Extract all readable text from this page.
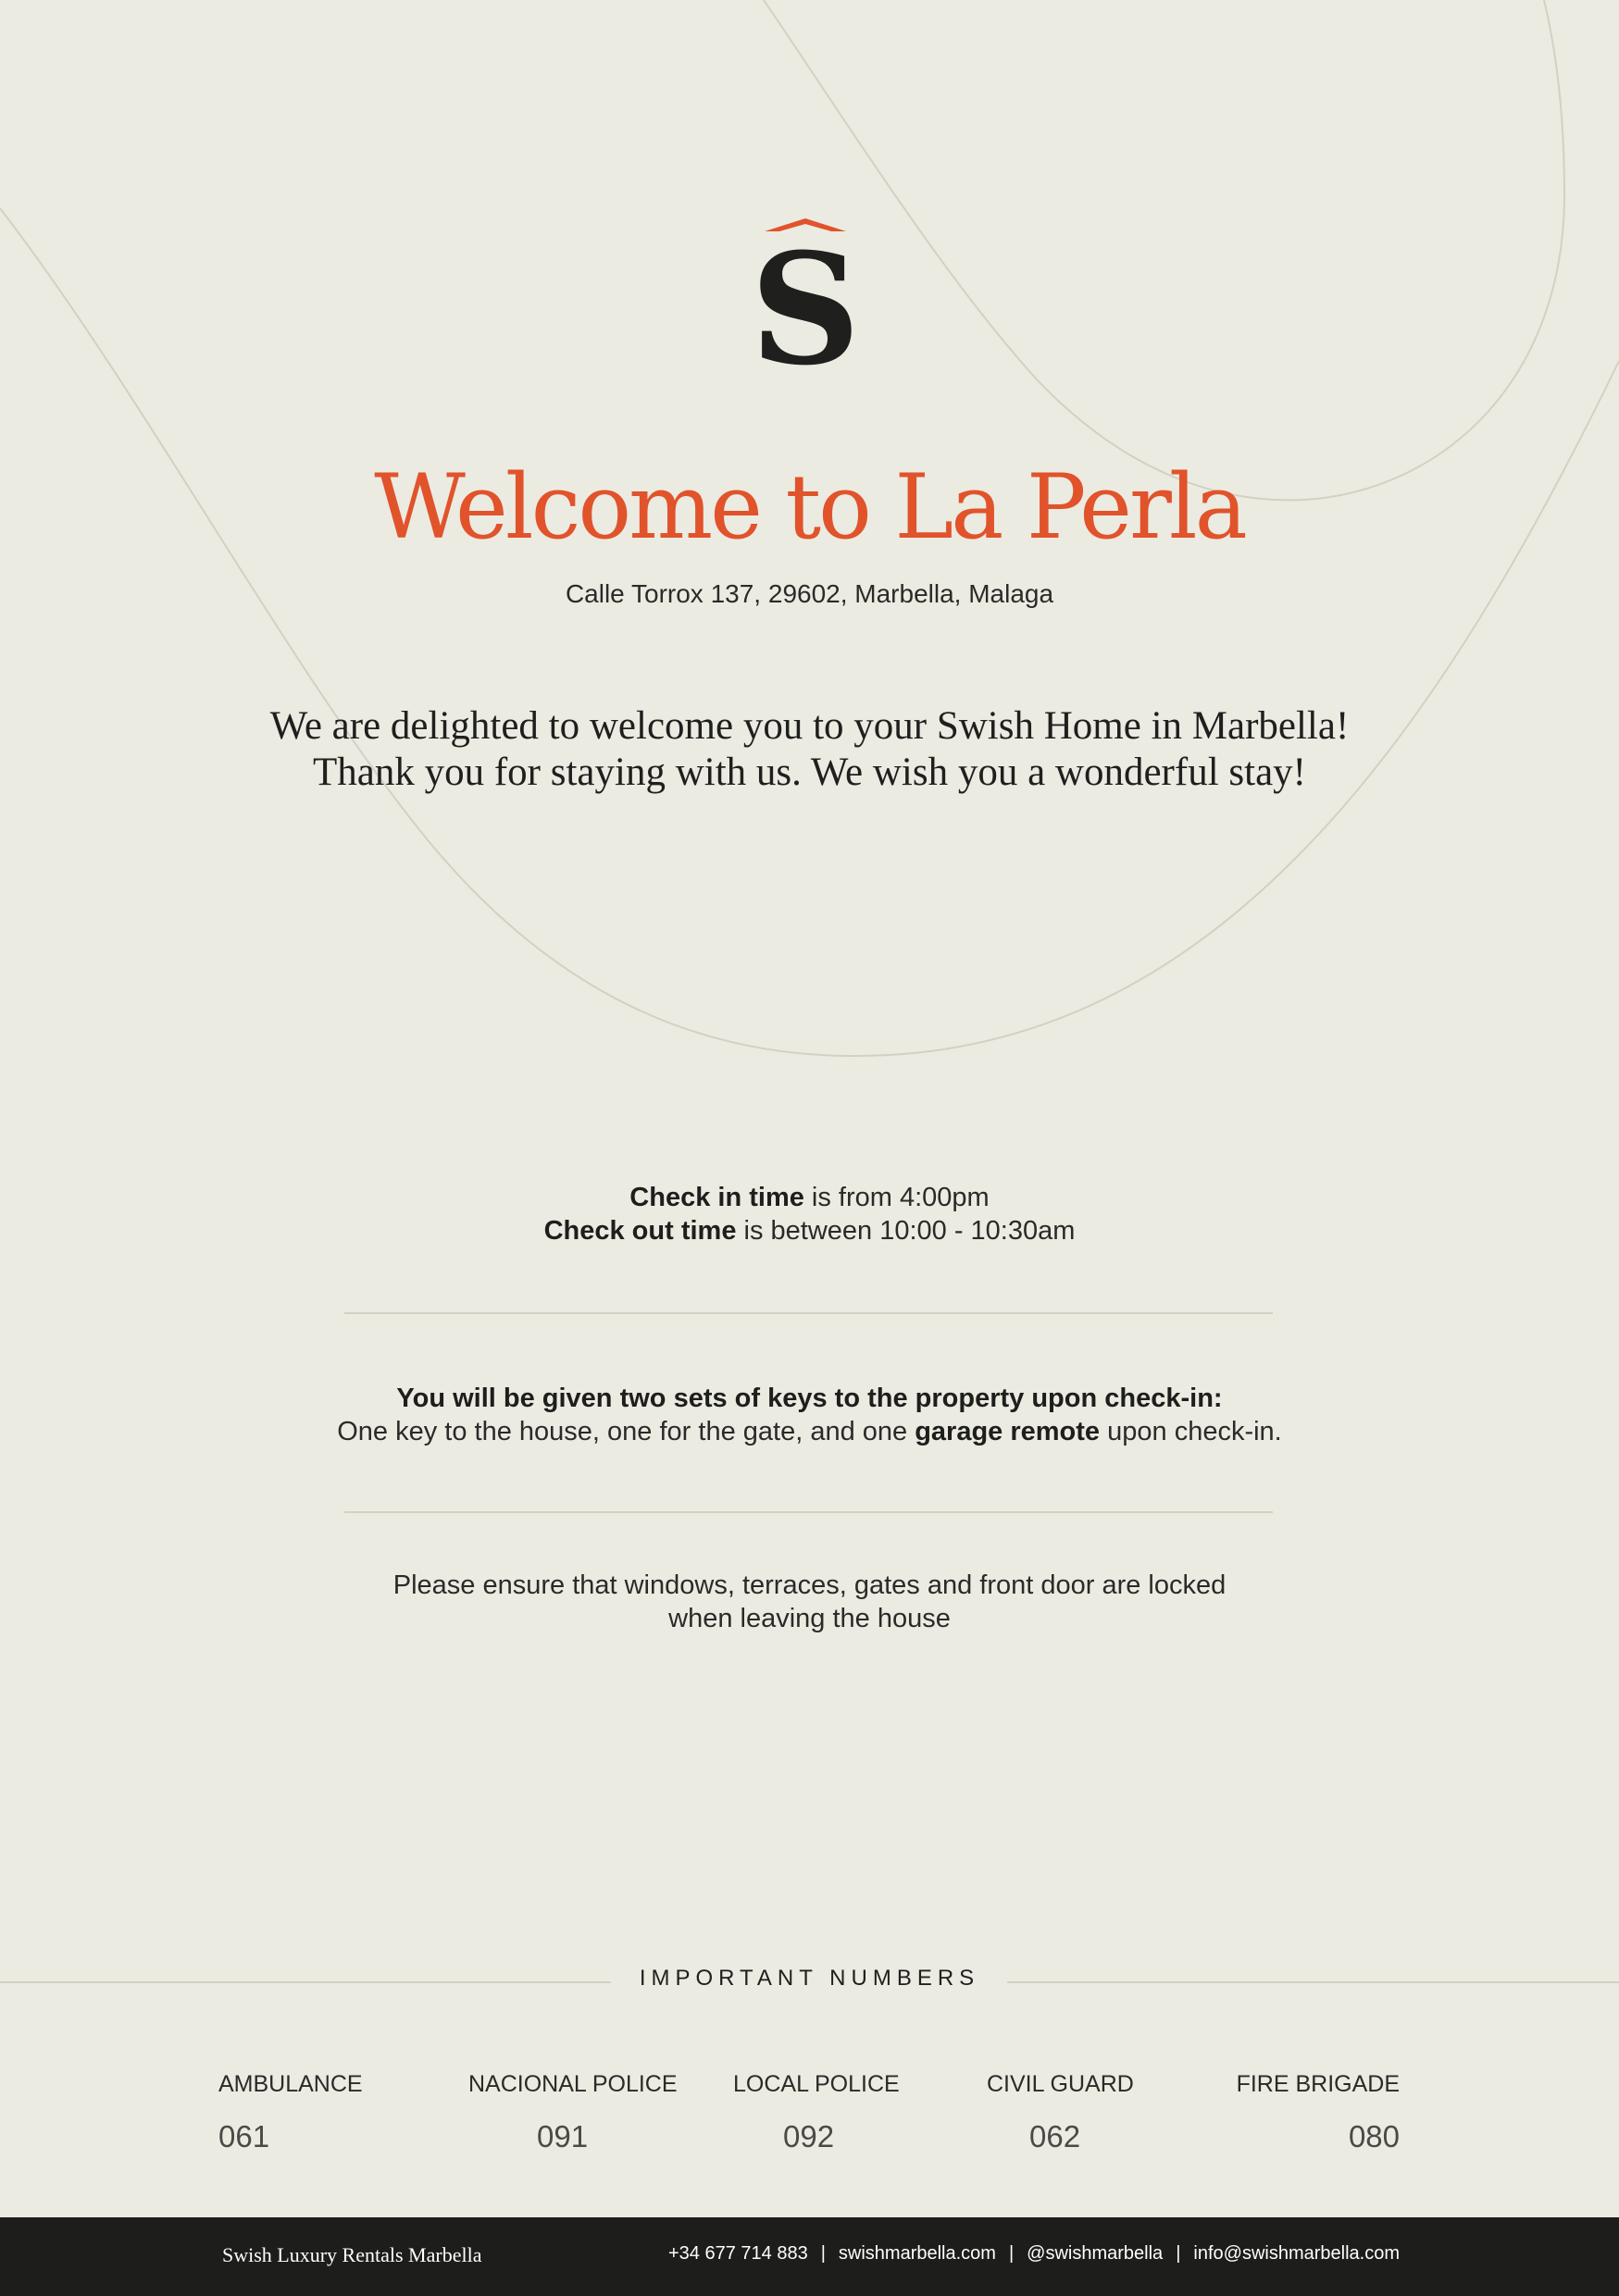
S
Welcome to La Perla
Calle Torrox 137, 29602, Marbella, Malaga
We are delighted to welcome you to your Swish Home in Marbella!
Thank you for staying with us. We wish you a wonderful stay!
Check in time is from 4:00pm
Check out time is between 10:00 - 10:30am
You will be given two sets of keys to the property upon check-in:
One key to the house, one for the gate, and one garage remote upon check-in.
Please ensure that windows, terraces, gates and front door are locked
when leaving the house
IMPORTANT NUMBERS
AMBULANCE
061
NACIONAL POLICE
091
LOCAL POLICE
092
CIVIL GUARD
062
FIRE BRIGADE
080
Swish Luxury Rentals Marbella	+34 677 714 883 | swishmarbella.com | @swishmarbella | info@swishmarbella.com
